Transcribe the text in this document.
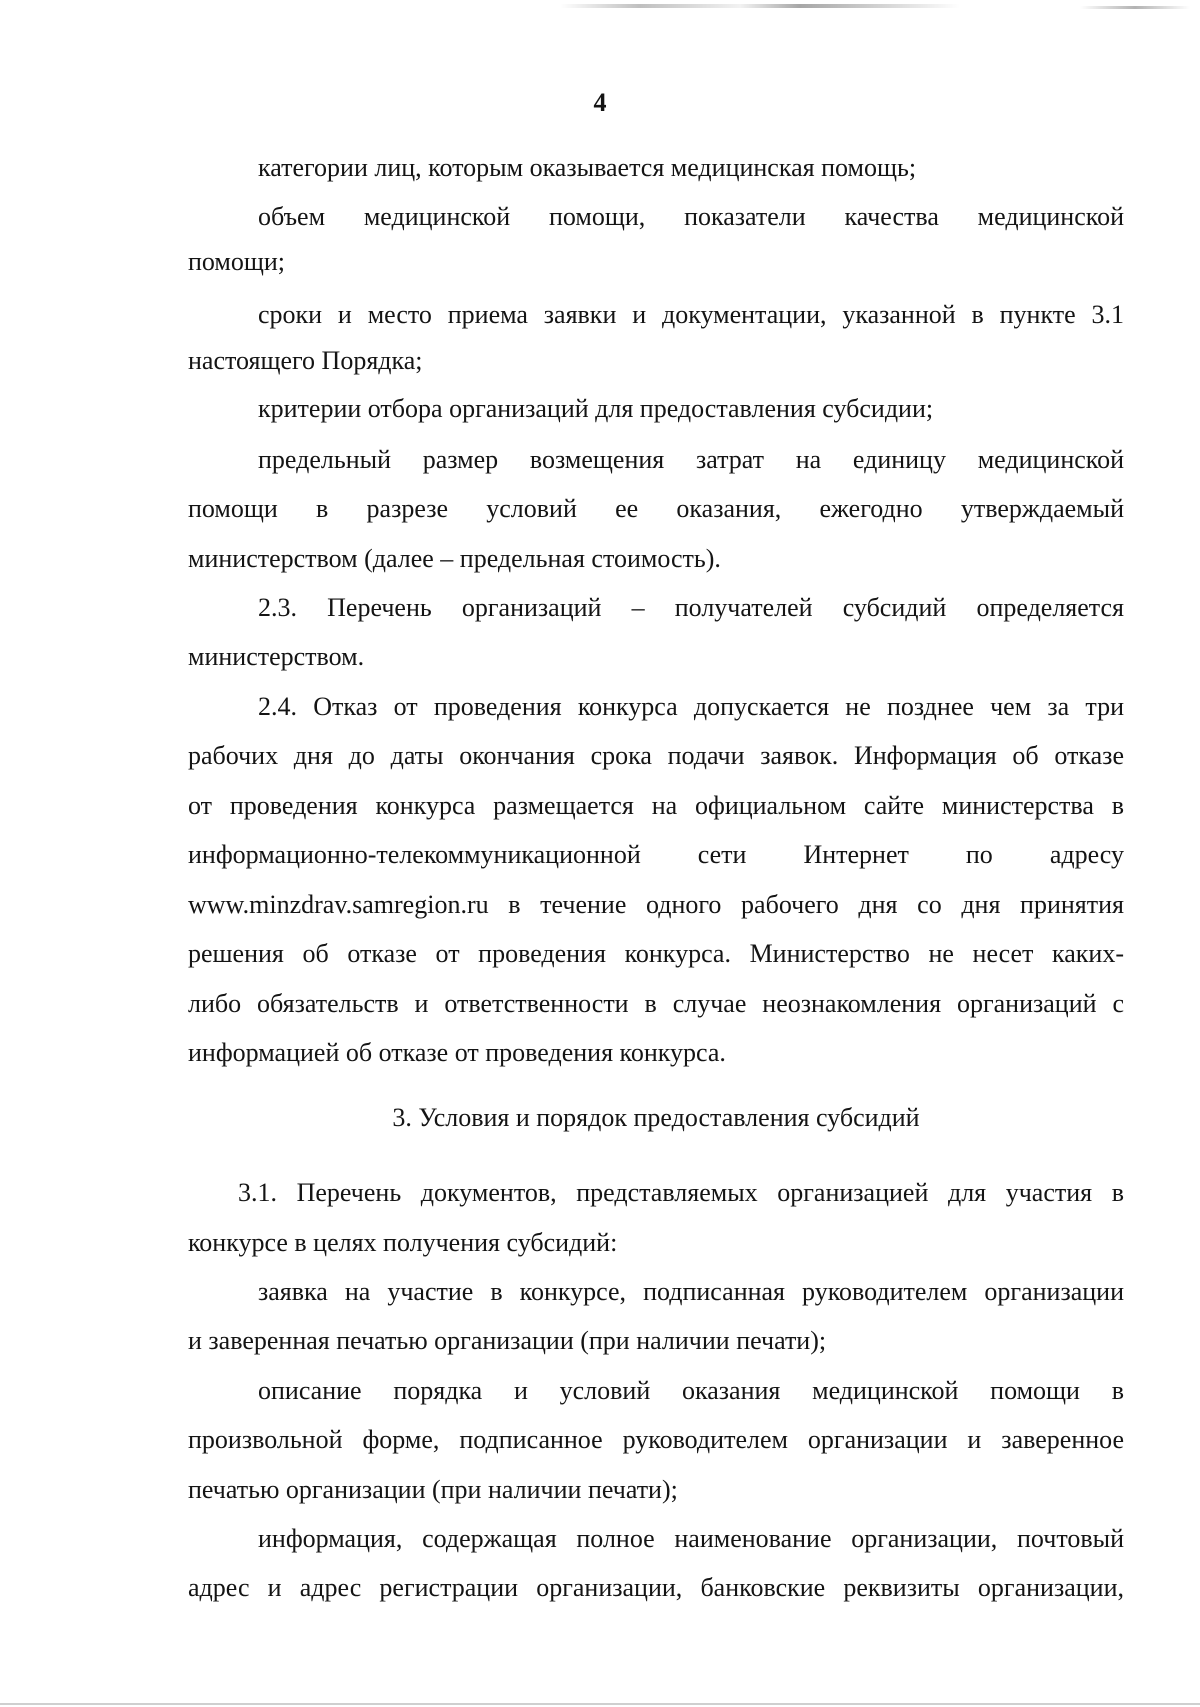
4
категории лиц, которым оказывается медицинская помощь;
объем медицинской помощи, показатели качества медицинской
помощи;
сроки и место приема заявки и документации, указанной в пункте 3.1
настоящего Порядка;
критерии отбора организаций для предоставления субсидии;
предельный размер возмещения затрат на единицу медицинской
помощи в разрезе условий ее оказания, ежегодно утверждаемый
министерством (далее – предельная стоимость).
2.3. Перечень организаций – получателей субсидий определяется
министерством.
2.4. Отказ от проведения конкурса допускается не позднее чем за три
рабочих дня до даты окончания срока подачи заявок. Информация об отказе
от проведения конкурса размещается на официальном сайте министерства в
информационно-телекоммуникационной сети Интернет по адресу
www.minzdrav.samregion.ru в течение одного рабочего дня со дня принятия
решения об отказе от проведения конкурса. Министерство не несет каких-
либо обязательств и ответственности в случае неознакомления организаций с
информацией об отказе от проведения конкурса.
3. Условия и порядок предоставления субсидий
3.1. Перечень документов, представляемых организацией для участия в
конкурсе в целях получения субсидий:
заявка на участие в конкурсе, подписанная руководителем организации
и заверенная печатью организации (при наличии печати);
описание порядка и условий оказания медицинской помощи в
произвольной форме, подписанное руководителем организации и заверенное
печатью организации (при наличии печати);
информация, содержащая полное наименование организации, почтовый
адрес и адрес регистрации организации, банковские реквизиты организации,
